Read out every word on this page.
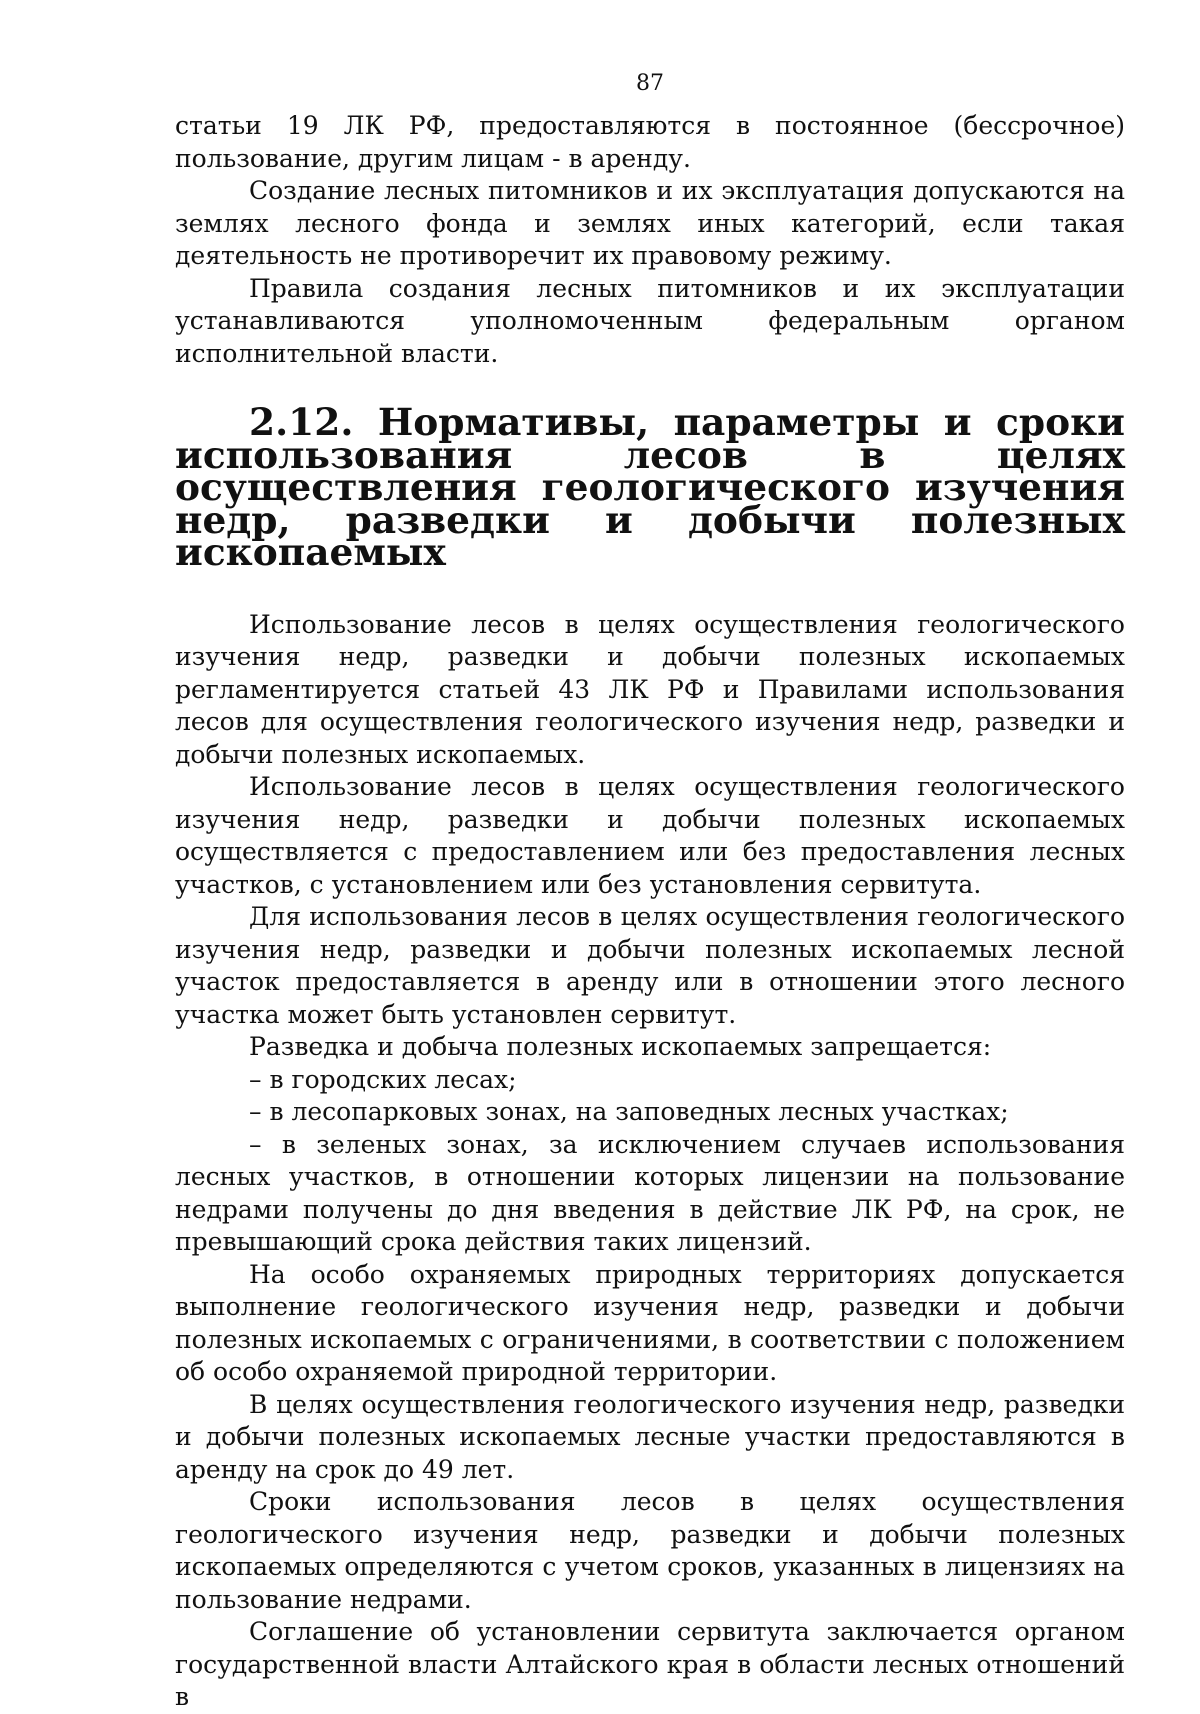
87

статьи 19 ЛК РФ, предоставляются в постоянное (бессрочное) пользование, другим лицам - в аренду.

Создание лесных питомников и их эксплуатация допускаются на землях лесного фонда и землях иных категорий, если такая деятельность не противоречит их правовому режиму.

Правила создания лесных питомников и их эксплуатации устанавливаются уполномоченным федеральным органом исполнительной власти.

2.12. Нормативы, параметры и сроки использования лесов в целях осуществления геологического изучения недр, разведки и добычи полезных ископаемых

Использование лесов в целях осуществления геологического изучения недр, разведки и добычи полезных ископаемых регламентируется статьей 43 ЛК РФ и Правилами использования лесов для осуществления геологического изучения недр, разведки и добычи полезных ископаемых.

Использование лесов в целях осуществления геологического изучения недр, разведки и добычи полезных ископаемых осуществляется с предоставлением или без предоставления лесных участков, с установлением или без установления сервитута.

Для использования лесов в целях осуществления геологического изучения недр, разведки и добычи полезных ископаемых лесной участок предоставляется в аренду или в отношении этого лесного участка может быть установлен сервитут.

Разведка и добыча полезных ископаемых запрещается:

– в городских лесах;

– в лесопарковых зонах, на заповедных лесных участках;

– в зеленых зонах, за исключением случаев использования лесных участков, в отношении которых лицензии на пользование недрами получены до дня введения в действие ЛК РФ, на срок, не превышающий срока действия таких лицензий.

На особо охраняемых природных территориях допускается выполнение геологического изучения недр, разведки и добычи полезных ископаемых с ограничениями, в соответствии с положением об особо охраняемой природной территории.

В целях осуществления геологического изучения недр, разведки и добычи полезных ископаемых лесные участки предоставляются в аренду на срок до 49 лет.

Сроки использования лесов в целях осуществления геологического изучения недр, разведки и добычи полезных ископаемых определяются с учетом сроков, указанных в лицензиях на пользование недрами.

Соглашение об установлении сервитута заключается органом государственной власти Алтайского края в области лесных отношений в
